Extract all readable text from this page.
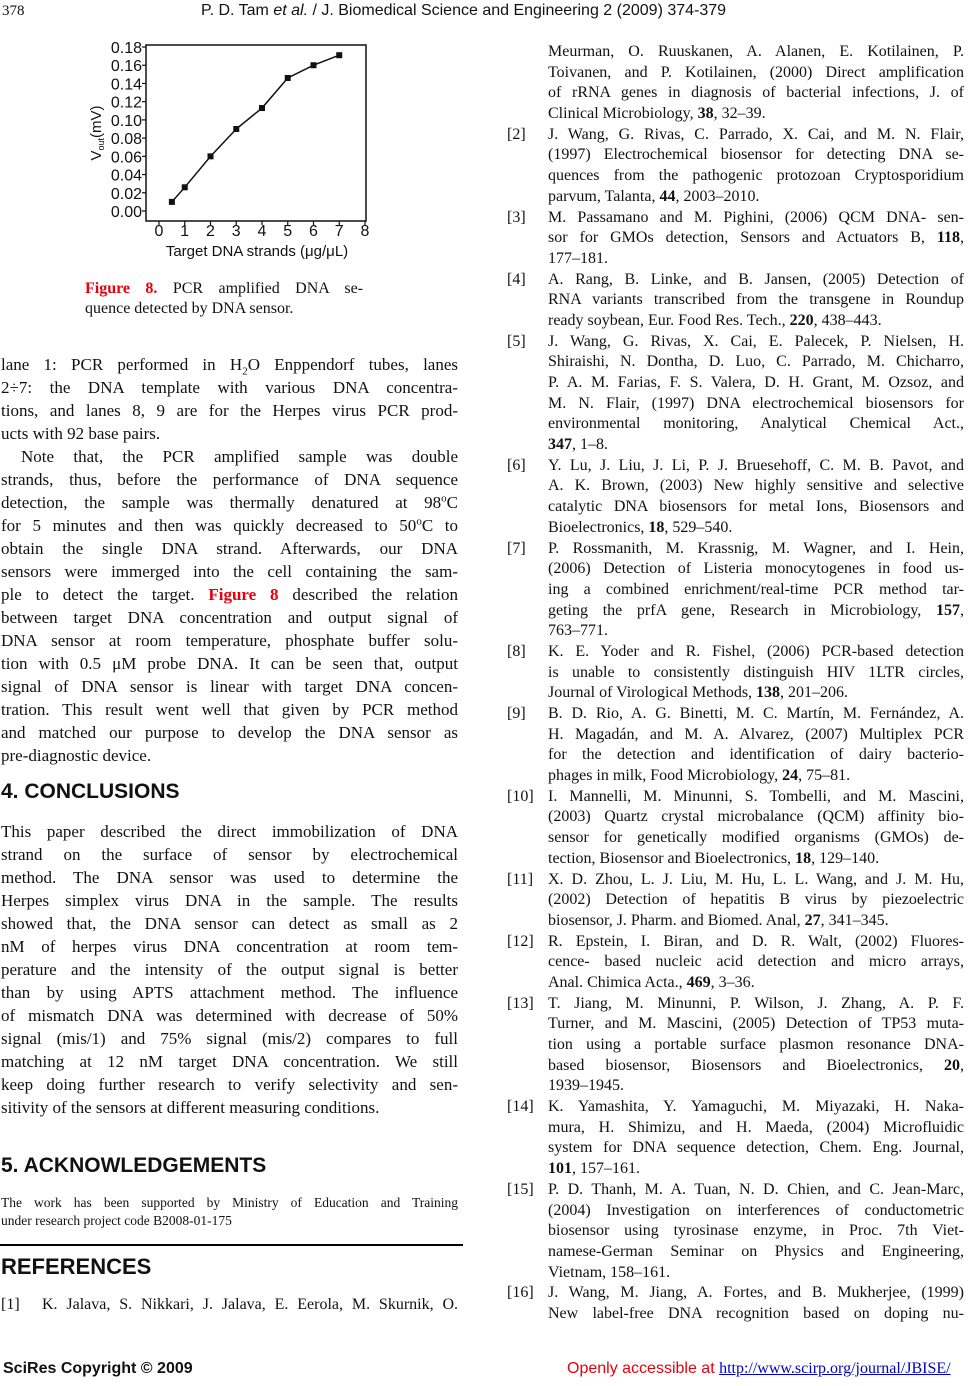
378	P. D. Tam et al. / J. Biomedical Science and Engineering 2 (2009) 374-379
0.00
0.02
0.04
0.06
0.08
0.10
0.12
0.14
0.16
0.18
0 1 2 3 4 5 6 7 8
Target DNA strands (μg/μL)
$V_{out}(mV)$
Figure 8. PCR amplified DNA se-
quence detected by DNA sensor.
lane 1: PCR performed in $H_2O$ Enppendorf tubes, lanes
2÷7: the DNA template with various DNA concentra-
tions, and lanes 8, 9 are for the Herpes virus PCR prod-
ucts with 92 base pairs.
Note that, the PCR amplified sample was double
strands, thus, before the performance of DNA sequence
detection, the sample was thermally denatured at 98$^o$C
for 5 minutes and then was quickly decreased to 50$^o$C to
obtain the single DNA strand. Afterwards, our DNA
sensors were immerged into the cell containing the sam-
ple to detect the target. Figure 8 described the relation
between target DNA concentration and output signal of
DNA sensor at room temperature, phosphate buffer solu-
tion with 0.5 μM probe DNA. It can be seen that, output
signal of DNA sensor is linear with target DNA concen-
tration. This result went well that given by PCR method
and matched our purpose to develop the DNA sensor as
pre-diagnostic device.
4. CONCLUSIONS
This paper described the direct immobilization of DNA
strand on the surface of sensor by electrochemical
method. The DNA sensor was used to determine the
Herpes simplex virus DNA in the sample. The results
showed that, the DNA sensor can detect as small as 2
nM of herpes virus DNA concentration at room tem-
perature and the intensity of the output signal is better
than by using APTS attachment method. The influence
of mismatch DNA was determined with decrease of 50%
signal (mis/1) and 75% signal (mis/2) compares to full
matching at 12 nM target DNA concentration. We still
keep doing further research to verify selectivity and sen-
sitivity of the sensors at different measuring conditions.
5. ACKNOWLEDGEMENTS
The work has been supported by Ministry of Education and Training
under research project code B2008-01-175
REFERENCES
[1] K. Jalava, S. Nikkari, J. Jalava, E. Eerola, M. Skurnik, O.
Meurman, O. Ruuskanen, A. Alanen, E. Kotilainen, P.
Toivanen, and P. Kotilainen, (2000) Direct amplification
of rRNA genes in diagnosis of bacterial infections, J. of
Clinical Microbiology, 38, 32–39.
[2] J. Wang, G. Rivas, C. Parrado, X. Cai, and M. N. Flair,
(1997) Electrochemical biosensor for detecting DNA se-
quences from the pathogenic protozoan Cryptosporidium
parvum, Talanta, 44, 2003–2010.
[3] M. Passamano and M. Pighini, (2006) QCM DNA- sen-
sor for GMOs detection, Sensors and Actuators B, 118,
177–181.
[4] A. Rang, B. Linke, and B. Jansen, (2005) Detection of
RNA variants transcribed from the transgene in Roundup
ready soybean, Eur. Food Res. Tech., 220, 438–443.
[5] J. Wang, G. Rivas, X. Cai, E. Palecek, P. Nielsen, H.
Shiraishi, N. Dontha, D. Luo, C. Parrado, M. Chicharro,
P. A. M. Farias, F. S. Valera, D. H. Grant, M. Ozsoz, and
M. N. Flair, (1997) DNA electrochemical biosensors for
environmental monitoring, Analytical Chemical Act.,
347, 1–8.
[6] Y. Lu, J. Liu, J. Li, P. J. Bruesehoff, C. M. B. Pavot, and
A. K. Brown, (2003) New highly sensitive and selective
catalytic DNA biosensors for metal Ions, Biosensors and
Bioelectronics, 18, 529–540.
[7] P. Rossmanith, M. Krassnig, M. Wagner, and I. Hein,
(2006) Detection of Listeria monocytogenes in food us-
ing a combined enrichment/real-time PCR method tar-
geting the prfA gene, Research in Microbiology, 157,
763–771.
[8] K. E. Yoder and R. Fishel, (2006) PCR-based detection
is unable to consistently distinguish HIV 1LTR circles,
Journal of Virological Methods, 138, 201–206.
[9] B. D. Rio, A. G. Binetti, M. C. Martín, M. Fernández, A.
H. Magadán, and M. A. Alvarez, (2007) Multiplex PCR
for the detection and identification of dairy bacterio-
phages in milk, Food Microbiology, 24, 75–81.
[10] I. Mannelli, M. Minunni, S. Tombelli, and M. Mascini,
(2003) Quartz crystal microbalance (QCM) affinity bio-
sensor for genetically modified organisms (GMOs) de-
tection, Biosensor and Bioelectronics, 18, 129–140.
[11] X. D. Zhou, L. J. Liu, M. Hu, L. L. Wang, and J. M. Hu,
(2002) Detection of hepatitis B virus by piezoelectric
biosensor, J. Pharm. and Biomed. Anal, 27, 341–345.
[12] R. Epstein, I. Biran, and D. R. Walt, (2002) Fluores-
cence- based nucleic acid detection and micro arrays,
Anal. Chimica Acta., 469, 3–36.
[13] T. Jiang, M. Minunni, P. Wilson, J. Zhang, A. P. F.
Turner, and M. Mascini, (2005) Detection of TP53 muta-
tion using a portable surface plasmon resonance DNA-
based biosensor, Biosensors and Bioelectronics, 20,
1939–1945.
[14] K. Yamashita, Y. Yamaguchi, M. Miyazaki, H. Naka-
mura, H. Shimizu, and H. Maeda, (2004) Microfluidic
system for DNA sequence detection, Chem. Eng. Journal,
101, 157–161.
[15] P. D. Thanh, M. A. Tuan, N. D. Chien, and C. Jean-Marc,
(2004) Investigation on interferences of conductometric
biosensor using tyrosinase enzyme, in Proc. 7th Viet-
namese-German Seminar on Physics and Engineering,
Vietnam, 158–161.
[16] J. Wang, M. Jiang, A. Fortes, and B. Mukherjee, (1999)
New label-free DNA recognition based on doping nu-
SciRes Copyright © 2009	Openly accessible at http://www.scirp.org/journal/JBISE/
